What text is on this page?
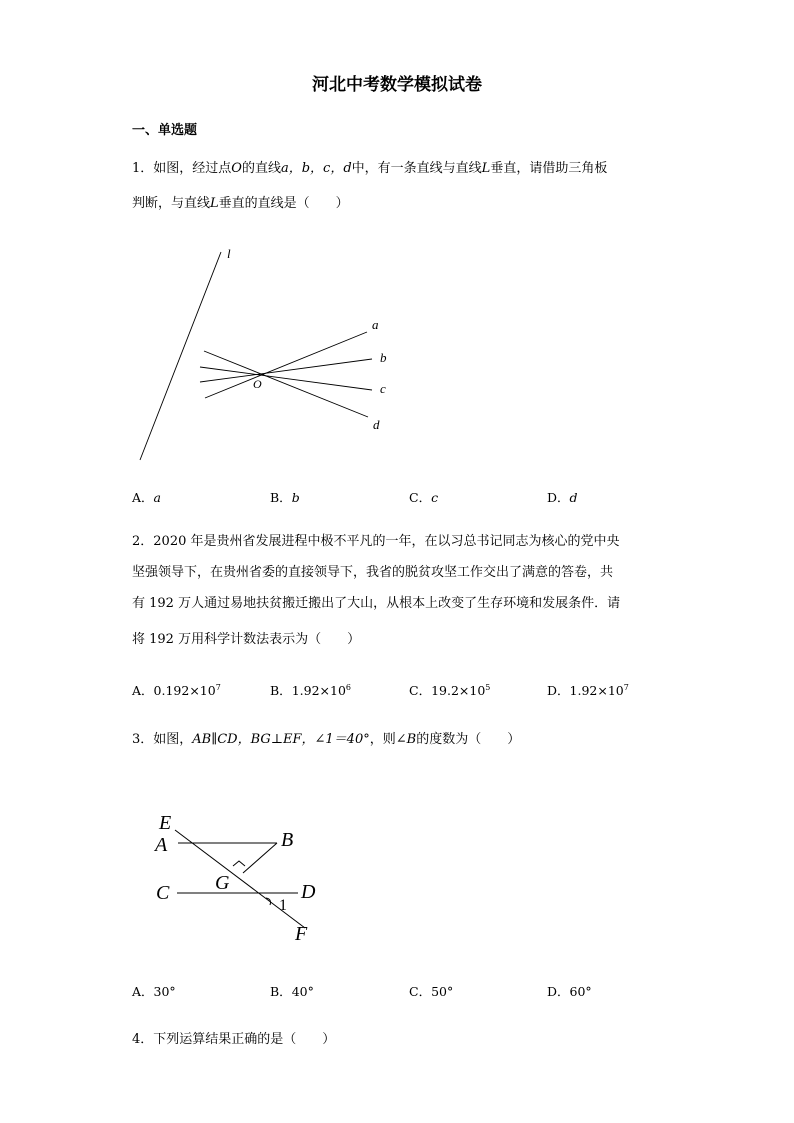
河北中考数学模拟试卷
一、单选题
1．如图，经过点O的直线a，b，c，d中，有一条直线与直线L垂直，请借助三角板
判断，与直线L垂直的直线是（　　）
l
a
b
c
d
O
E
A	B
G
C	D
1
F
A．a	B．b	C．c	D．d
2．2020 年是贵州省发展进程中极不平凡的一年，在以习总书记同志为核心的党中央
坚强领导下，在贵州省委的直接领导下，我省的脱贫攻坚工作交出了满意的答卷，共
有 192 万人通过易地扶贫搬迁搬出了大山，从根本上改变了生存环境和发展条件．请
将 192 万用科学计数法表示为（　　）
A．$0.192\times 10^7$	B．$1.92\times 10^6$	C．$19.2\times 10^5$	D．$1.92\times 10^7$
3．如图，AB∥CD，BG⊥EF，∠1＝40°，则∠B的度数为（　　）
A．30°	B．40°	C．50°	D．60°
4．下列运算结果正确的是（　　）
